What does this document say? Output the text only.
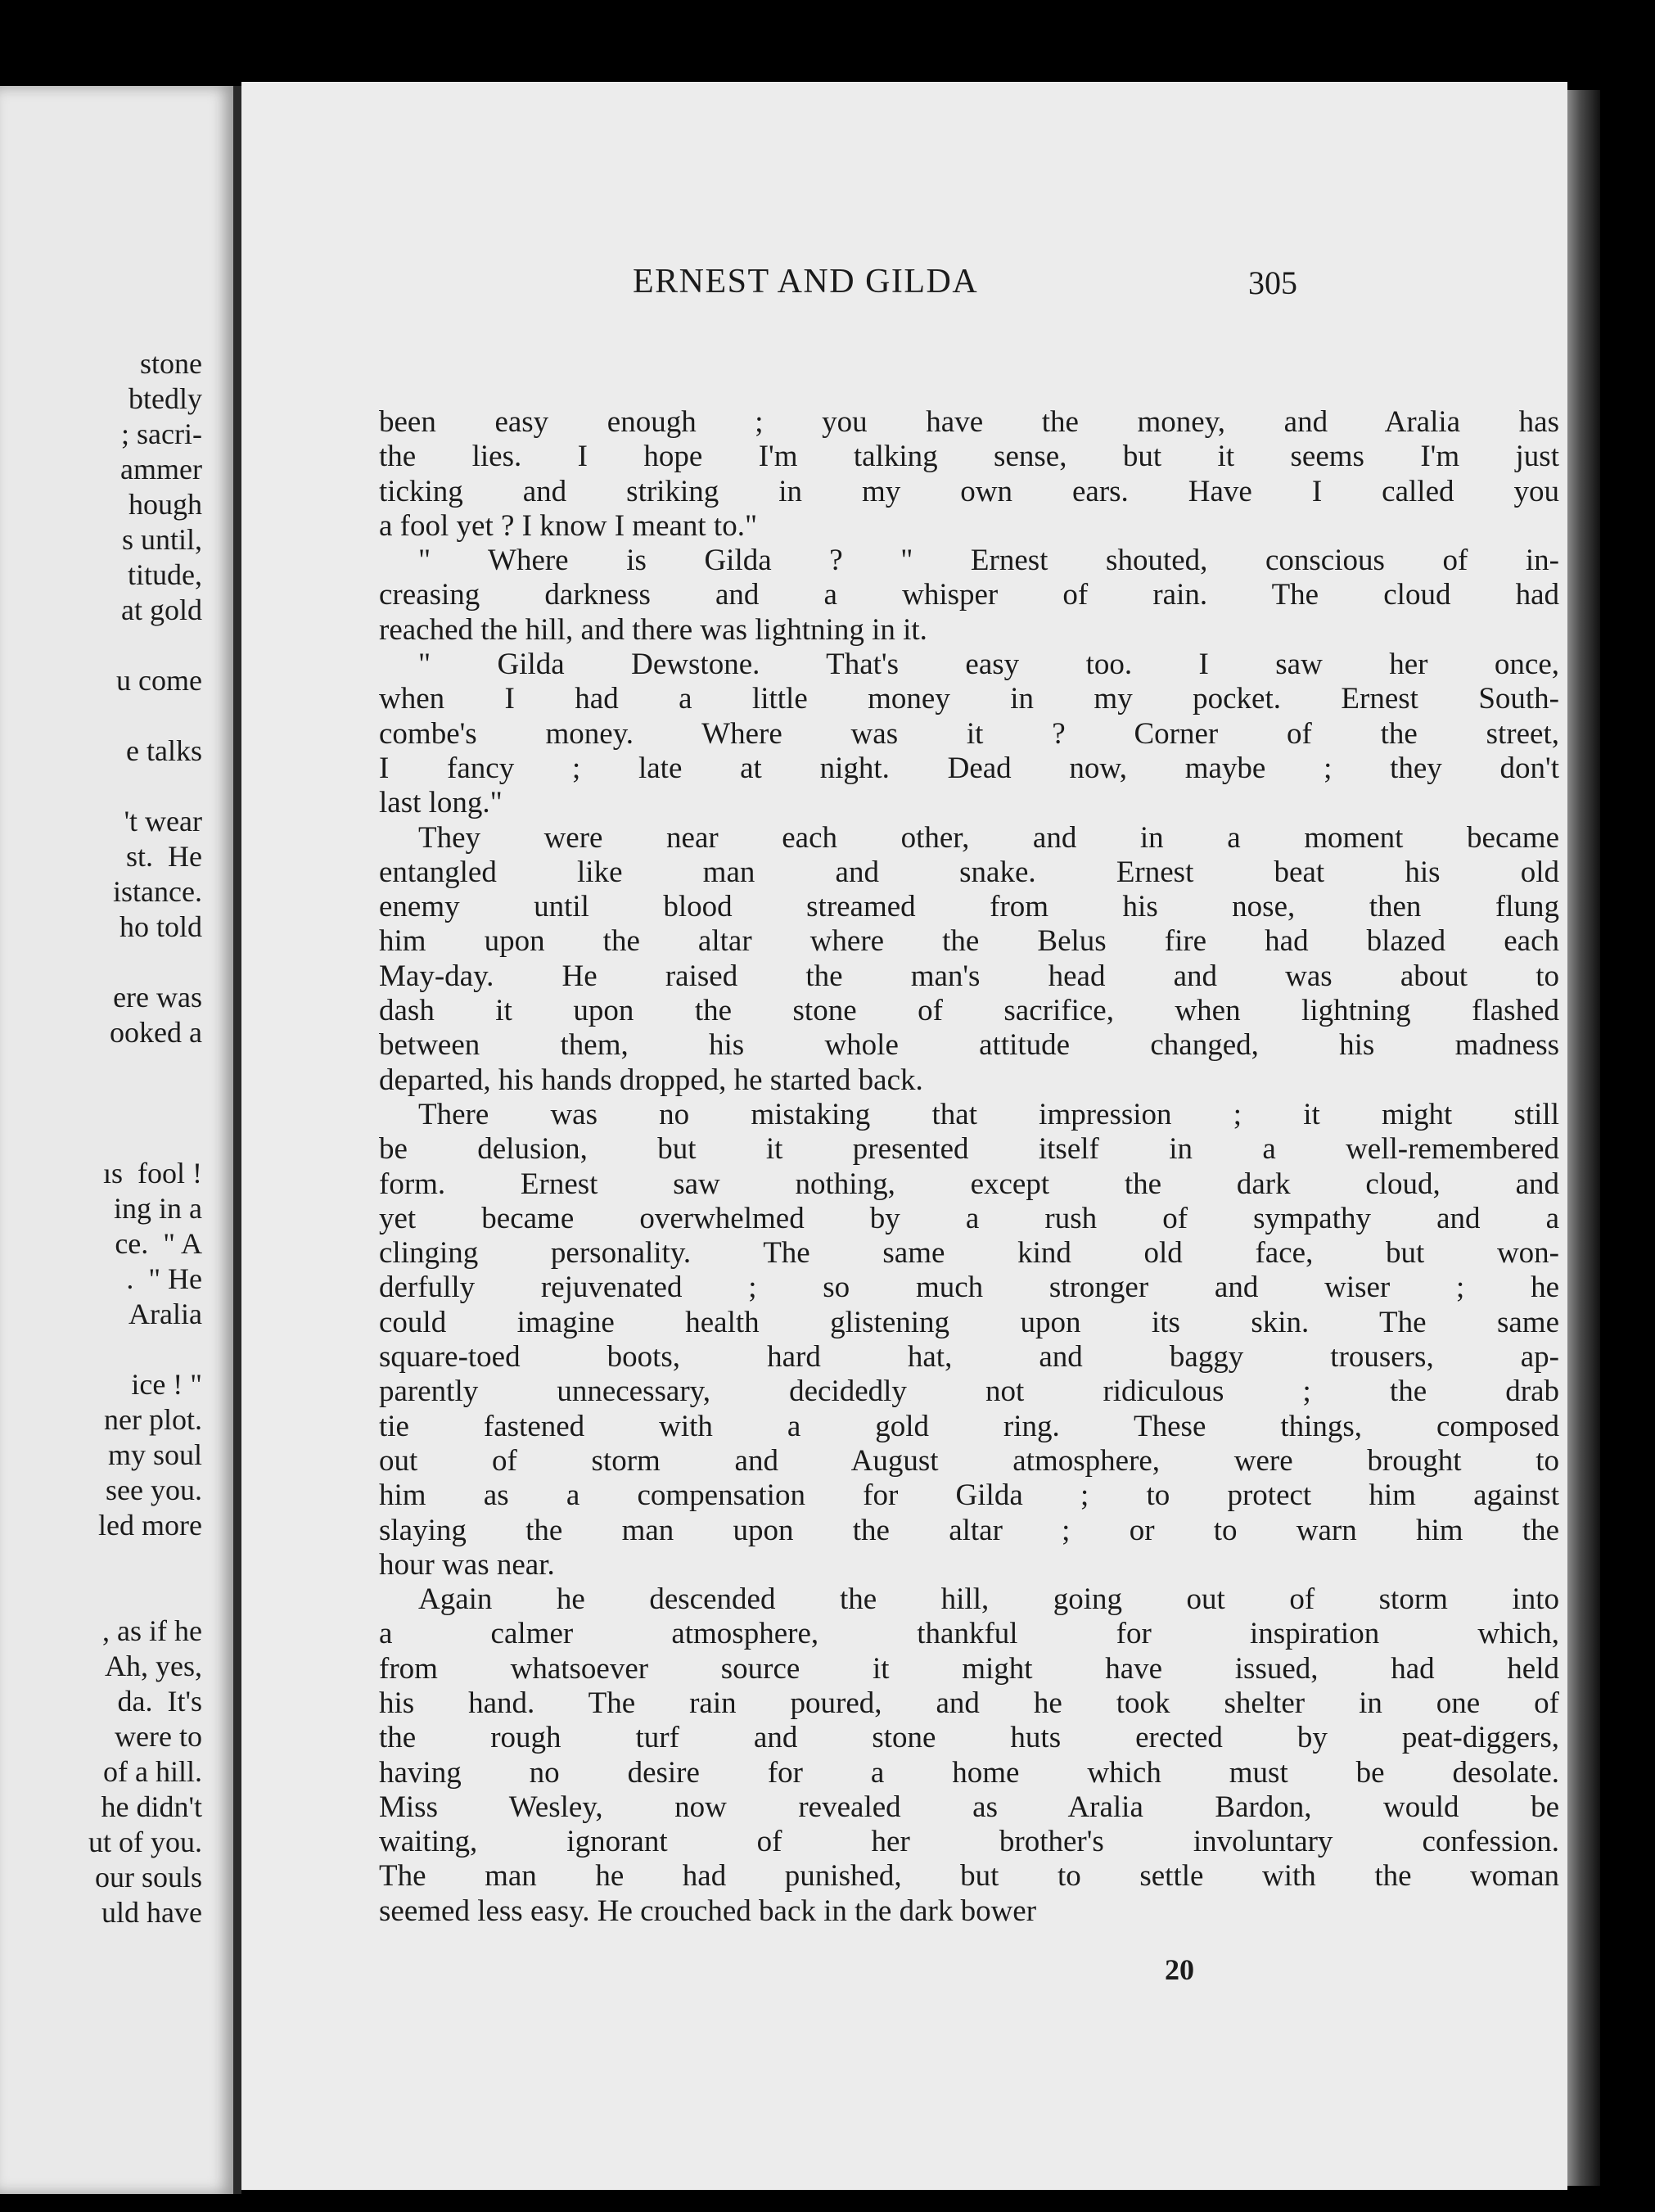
stone
btedly
; sacri-
ammer
hough
s until,
titude,
at gold
u come
e talks
't wear
st.  He
istance.
ho told
ere was
ooked a
ıs  fool !
ing in a
ce.  " A
.  " He
Aralia
ice ! "
ner plot.
my soul
see you.
led more
, as if he
Ah, yes,
da.  It's
were to
of a hill.
he didn't
ut of you.
our souls
uld have
ERNEST AND GILDA	305
been easy enough ; you have the money, and Aralia has
the lies. I hope I'm talking sense, but it seems I'm just
ticking and striking in my own ears. Have I called you
a fool yet ? I know I meant to."
" Where is Gilda ? " Ernest shouted, conscious of in-
creasing darkness and a whisper of rain. The cloud had
reached the hill, and there was lightning in it.
" Gilda Dewstone. That's easy too. I saw her once,
when I had a little money in my pocket. Ernest South-
combe's money. Where was it ? Corner of the street,
I fancy ; late at night. Dead now, maybe ; they don't
last long."
They were near each other, and in a moment became
entangled like man and snake. Ernest beat his old
enemy until blood streamed from his nose, then flung
him upon the altar where the Belus fire had blazed each
May-day. He raised the man's head and was about to
dash it upon the stone of sacrifice, when lightning flashed
between them, his whole attitude changed, his madness
departed, his hands dropped, he started back.
There was no mistaking that impression ; it might still
be delusion, but it presented itself in a well-remembered
form. Ernest saw nothing, except the dark cloud, and
yet became overwhelmed by a rush of sympathy and a
clinging personality. The same kind old face, but won-
derfully rejuvenated ; so much stronger and wiser ; he
could imagine health glistening upon its skin. The same
square-toed boots, hard hat, and baggy trousers, ap-
parently unnecessary, decidedly not ridiculous ; the drab
tie fastened with a gold ring. These things, composed
out of storm and August atmosphere, were brought to
him as a compensation for Gilda ; to protect him against
slaying the man upon the altar ; or to warn him the
hour was near.
Again he descended the hill, going out of storm into
a calmer atmosphere, thankful for inspiration which,
from whatsoever source it might have issued, had held
his hand. The rain poured, and he took shelter in one of
the rough turf and stone huts erected by peat-diggers,
having no desire for a home which must be desolate.
Miss Wesley, now revealed as Aralia Bardon, would be
waiting, ignorant of her brother's involuntary confession.
The man he had punished, but to settle with the woman
seemed less easy. He crouched back in the dark bower
20
